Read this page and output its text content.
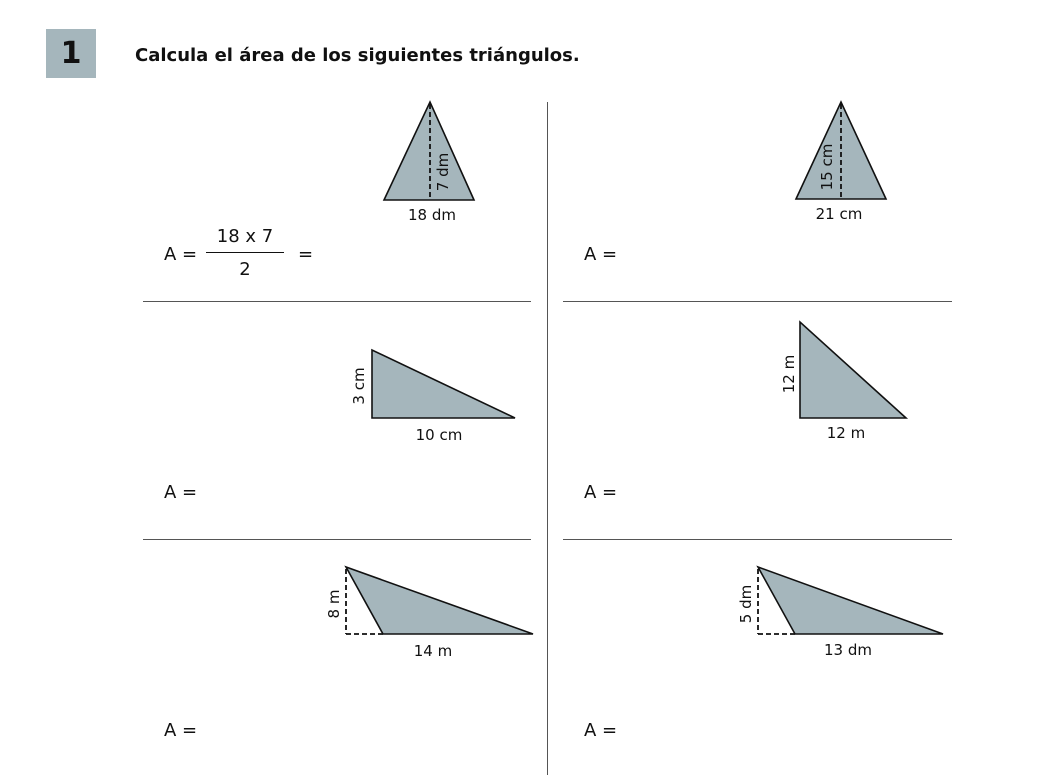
1	Calcula el área de los siguientes triángulos.
18 dm
7 dm
21 cm
15 cm
10 cm
3 cm
12 m
12 m
14 m
8 m
13 dm
5 dm
A =
18 x 7
2
=	A =
A =	A =
A =	A =
